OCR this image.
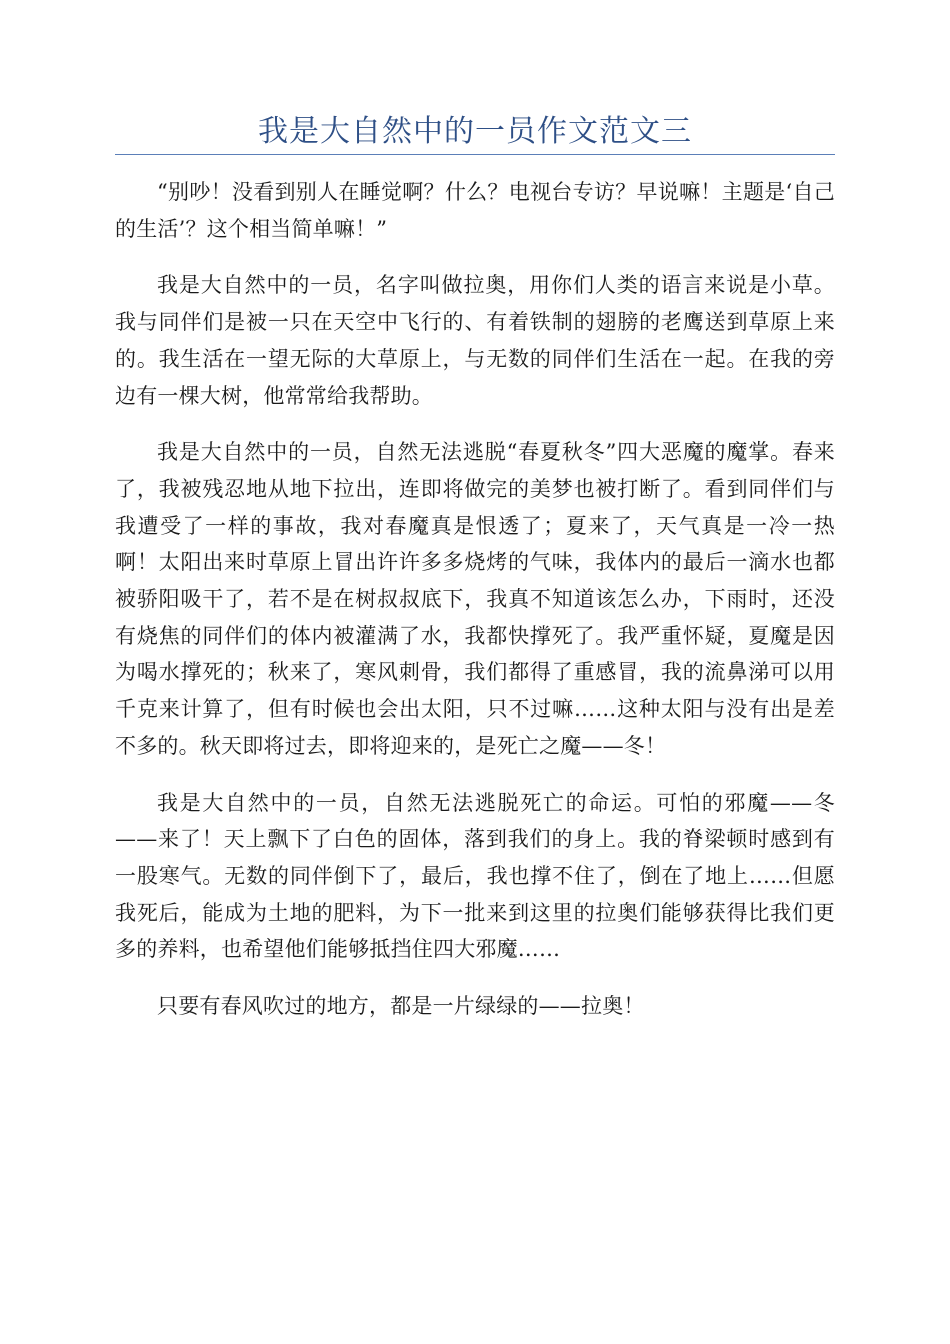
我是大自然中的一员作文范文三

“别吵！没看到别人在睡觉啊？什么？电视台专访？早说嘛！主题是‘自己的生活’？这个相当简单嘛！”

我是大自然中的一员，名字叫做拉奥，用你们人类的语言来说是小草。我与同伴们是被一只在天空中飞行的、有着铁制的翅膀的老鹰送到草原上来的。我生活在一望无际的大草原上，与无数的同伴们生活在一起。在我的旁边有一棵大树，他常常给我帮助。

我是大自然中的一员，自然无法逃脱“春夏秋冬”四大恶魔的魔掌。春来了，我被残忍地从地下拉出，连即将做完的美梦也被打断了。看到同伴们与我遭受了一样的事故，我对春魔真是恨透了；夏来了，天气真是一冷一热啊！太阳出来时草原上冒出许许多多烧烤的气味，我体内的最后一滴水也都被骄阳吸干了，若不是在树叔叔底下，我真不知道该怎么办，下雨时，还没有烧焦的同伴们的体内被灌满了水，我都快撑死了。我严重怀疑，夏魔是因为喝水撑死的；秋来了，寒风刺骨，我们都得了重感冒，我的流鼻涕可以用千克来计算了，但有时候也会出太阳，只不过嘛……这种太阳与没有出是差不多的。秋天即将过去，即将迎来的，是死亡之魔——冬！

我是大自然中的一员，自然无法逃脱死亡的命运。可怕的邪魔——冬——来了！天上飘下了白色的固体，落到我们的身上。我的脊梁顿时感到有一股寒气。无数的同伴倒下了，最后，我也撑不住了，倒在了地上……但愿我死后，能成为土地的肥料，为下一批来到这里的拉奥们能够获得比我们更多的养料，也希望他们能够抵挡住四大邪魔……

只要有春风吹过的地方，都是一片绿绿的——拉奥！
